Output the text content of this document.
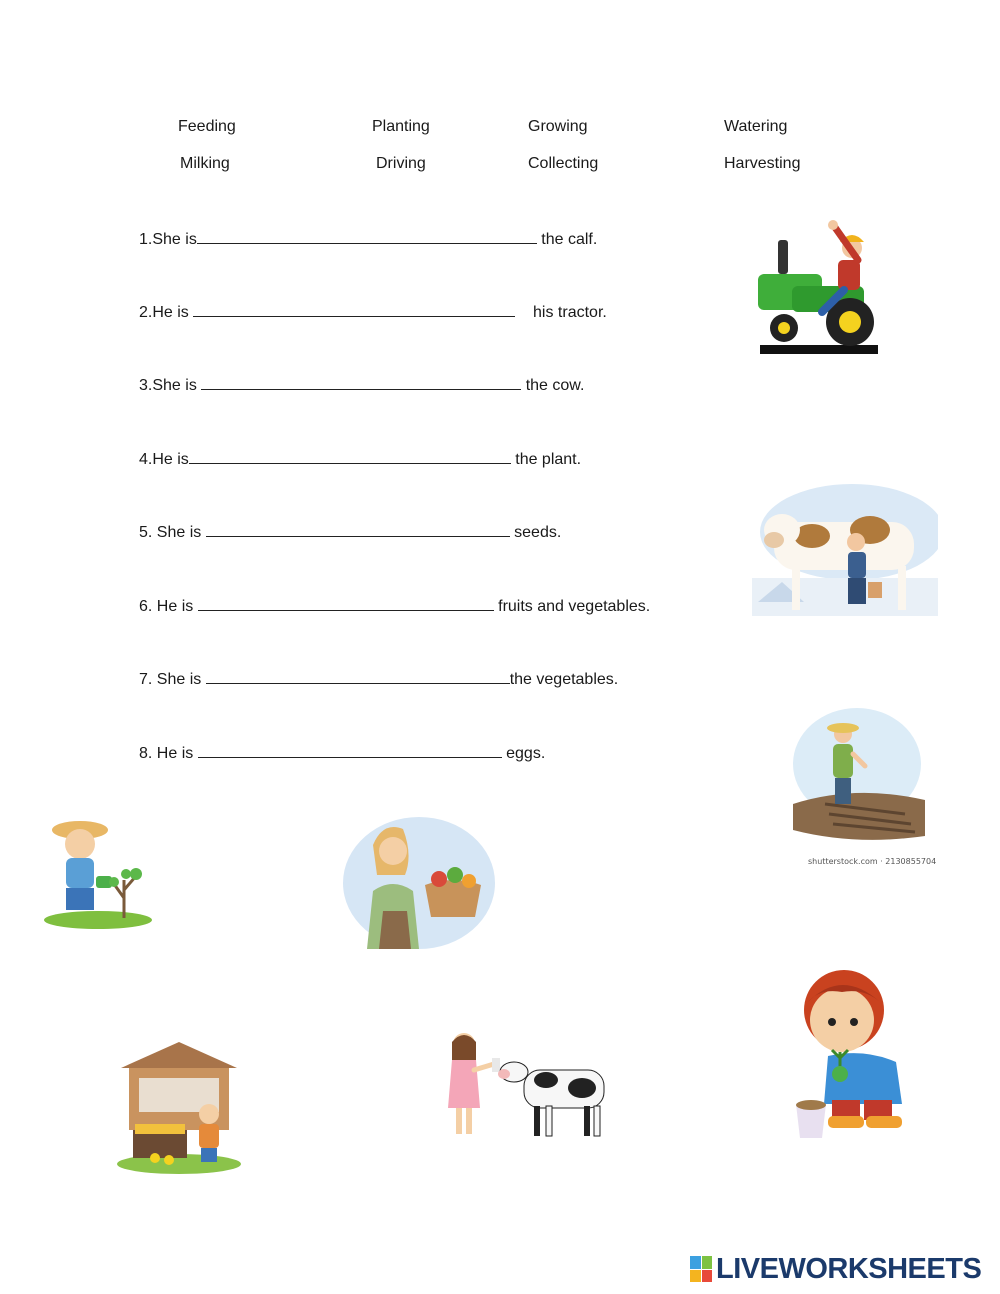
Feeding	Planting	Growing	Watering
Milking	Driving	Collecting	Harvesting
1.She is	the calf.
2.He is	his tractor.
3.She is	the cow.
4.He is	the plant.
5. She is	seeds.
6. He is	fruits and vegetables.
7. She is	the vegetables.
8. He is	eggs.
shutterstock.com · 2130855704
LIVEWORKSHEETS
